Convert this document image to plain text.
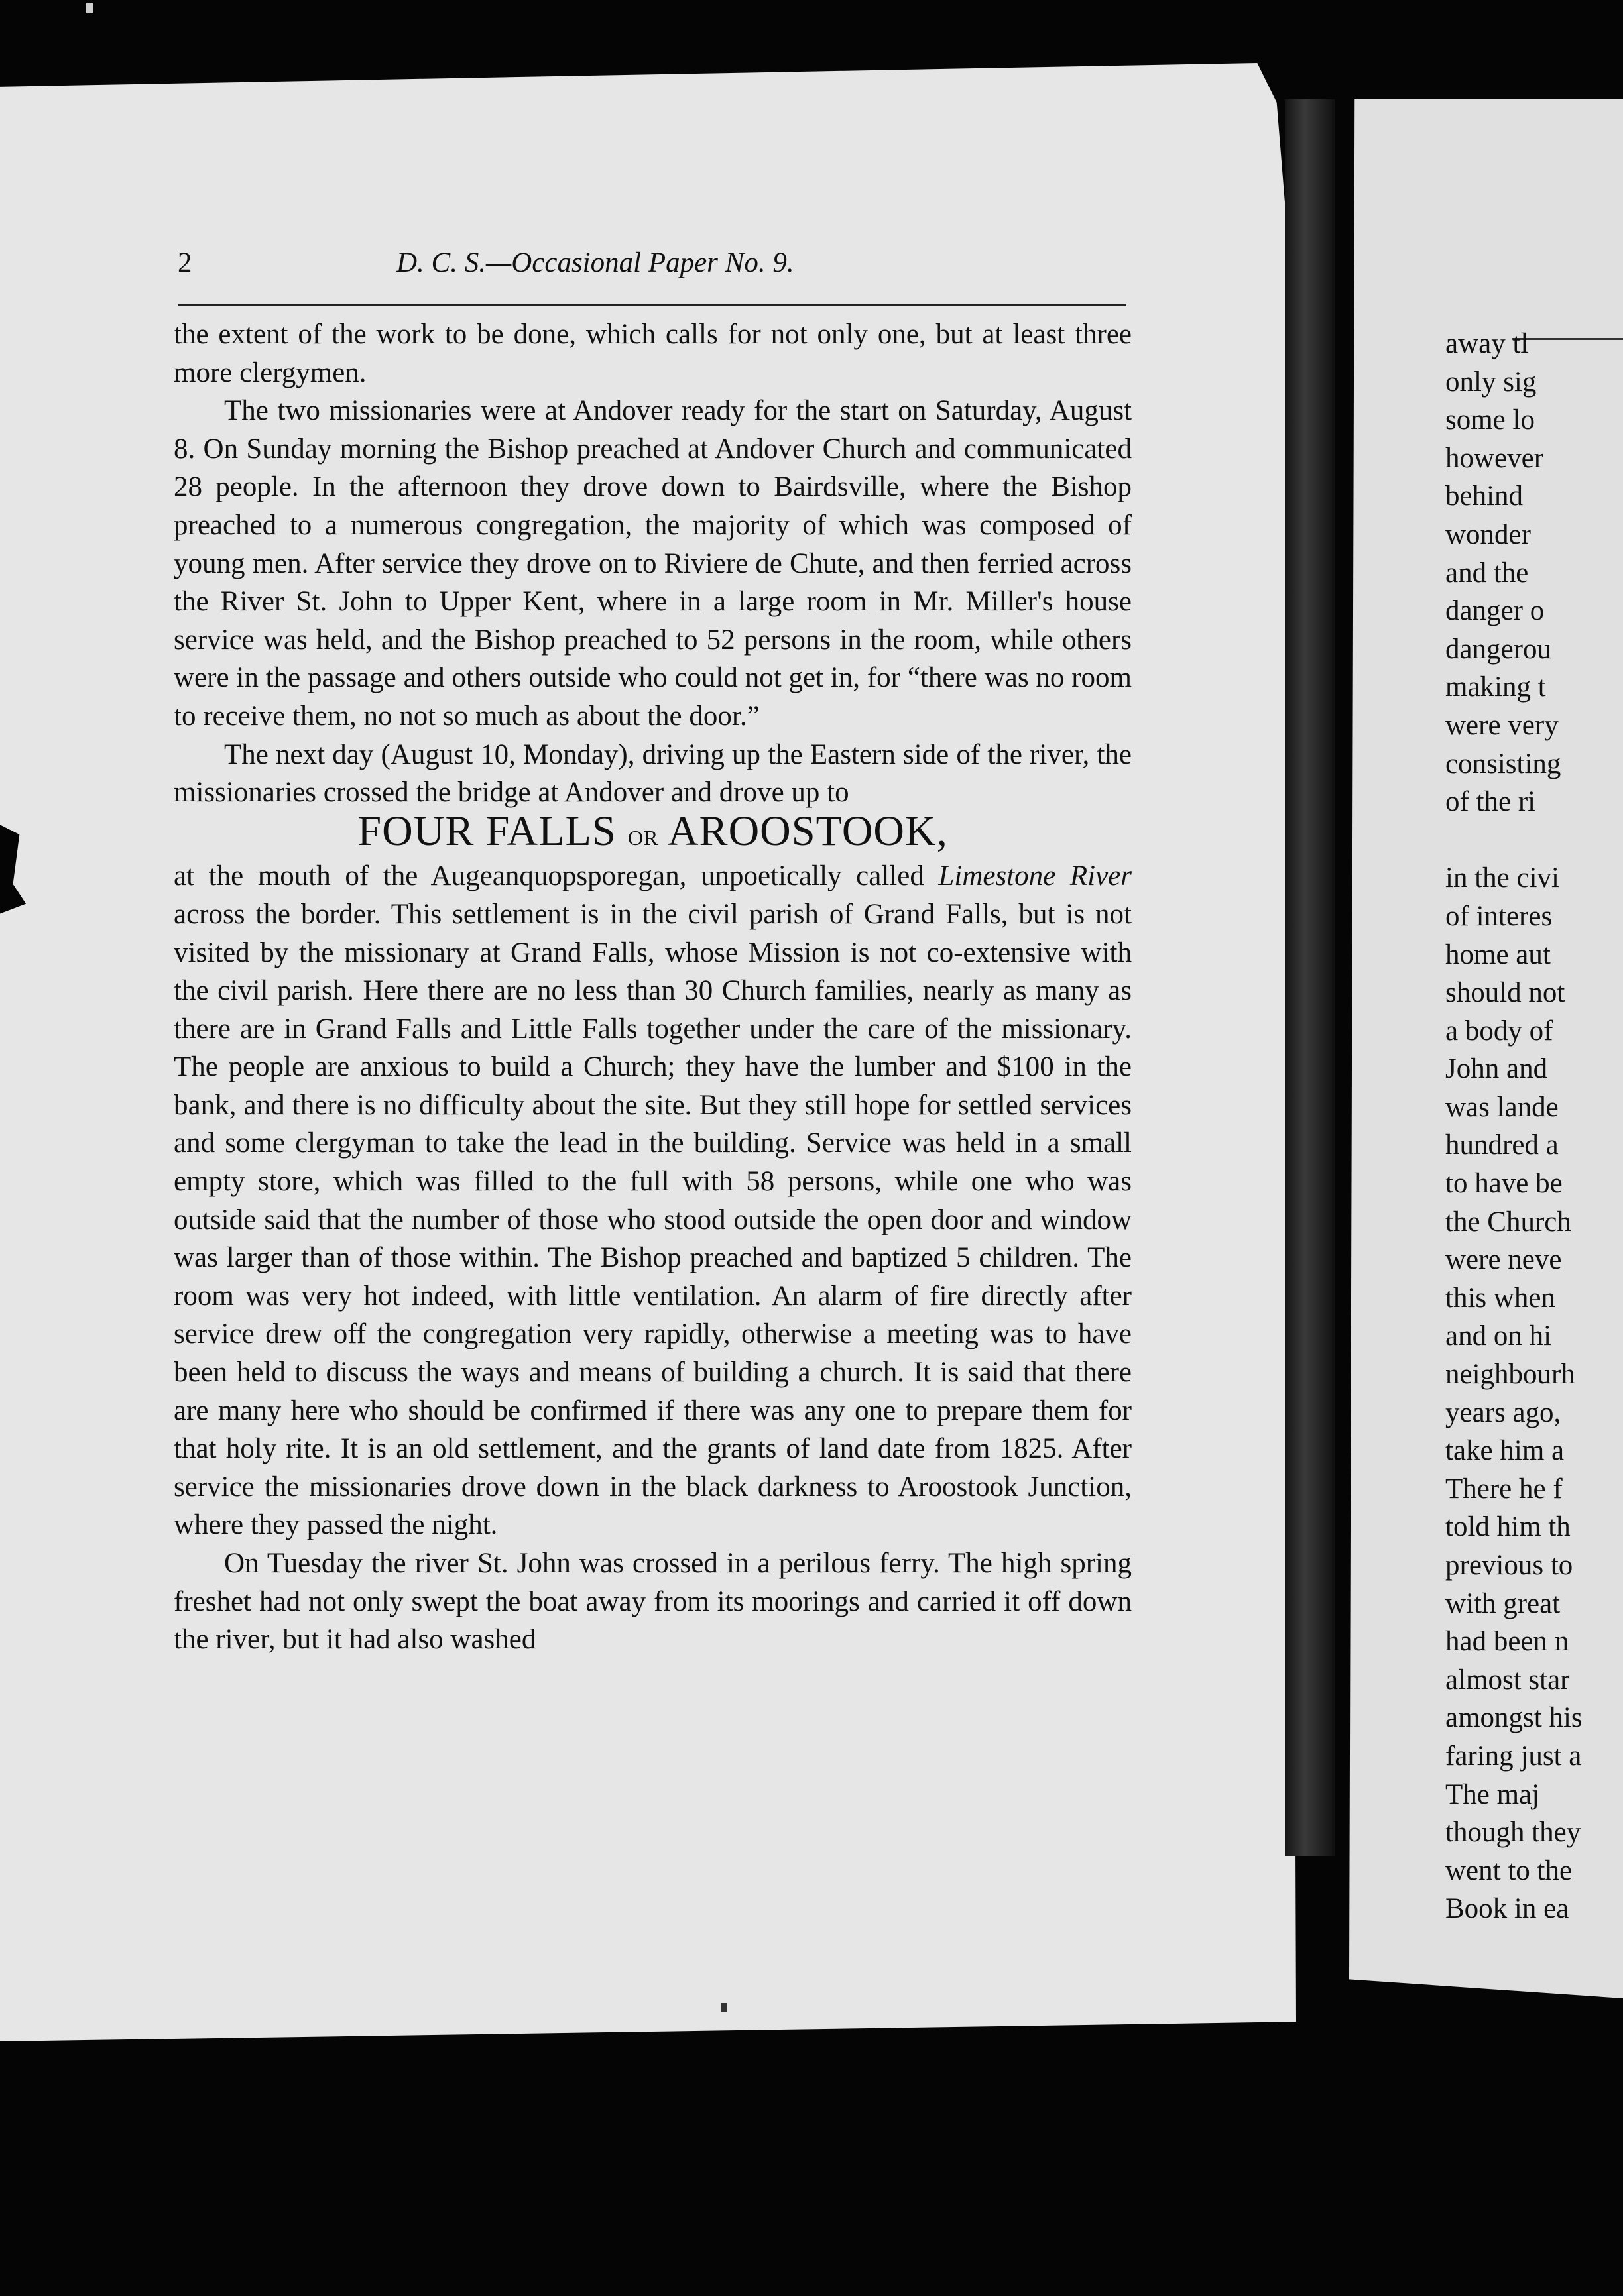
2	D. C. S.—Occasional Paper No. 9.

the extent of the work to be done, which calls for not only one, but at least three more clergymen.

The two missionaries were at Andover ready for the start on Saturday, August 8. On Sunday morning the Bishop preached at Andover Church and communicated 28 people. In the afternoon they drove down to Bairdsville, where the Bishop preached to a numerous congregation, the majority of which was composed of young men. After service they drove on to Riviere de Chute, and then ferried across the River St. John to Upper Kent, where in a large room in Mr. Miller's house service was held, and the Bishop preached to 52 persons in the room, while others were in the passage and others outside who could not get in, for “there was no room to receive them, no not so much as about the door.”

The next day (August 10, Monday), driving up the Eastern side of the river, the missionaries crossed the bridge at Andover and drove up to

FOUR FALLS OR AROOSTOOK,

at the mouth of the Augeanquopsporegan, unpoetically called Limestone River across the border. This settlement is in the civil parish of Grand Falls, but is not visited by the missionary at Grand Falls, whose Mission is not co-extensive with the civil parish. Here there are no less than 30 Church families, nearly as many as there are in Grand Falls and Little Falls together under the care of the missionary. The people are anxious to build a Church; they have the lumber and $100 in the bank, and there is no difficulty about the site. But they still hope for settled services and some clergyman to take the lead in the building. Service was held in a small empty store, which was filled to the full with 58 persons, while one who was outside said that the number of those who stood outside the open door and window was larger than of those within. The Bishop preached and baptized 5 children. The room was very hot indeed, with little ventilation. An alarm of fire directly after service drew off the congregation very rapidly, otherwise a meeting was to have been held to discuss the ways and means of building a church. It is said that there are many here who should be confirmed if there was any one to prepare them for that holy rite. It is an old settlement, and the grants of land date from 1825. After service the missionaries drove down in the black darkness to Aroostook Junction, where they passed the night.

On Tuesday the river St. John was crossed in a perilous ferry. The high spring freshet had not only swept the boat away from its moorings and carried it off down the river, but it had also washed

away tl
only sig
some lo
however
behind
wonder
and the
danger o
dangerou
making t
were very
consisting
of the ri
in the civi
of interes
home aut
should not
a body of
John and
was lande
hundred a
to have be
the Church
were neve
this when
and on hi
neighbourh
years ago,
take him a
There he f
told him th
previous to
with great
had been n
almost star
amongst his
faring just a
The maj
though they
went to the
Book in ea
